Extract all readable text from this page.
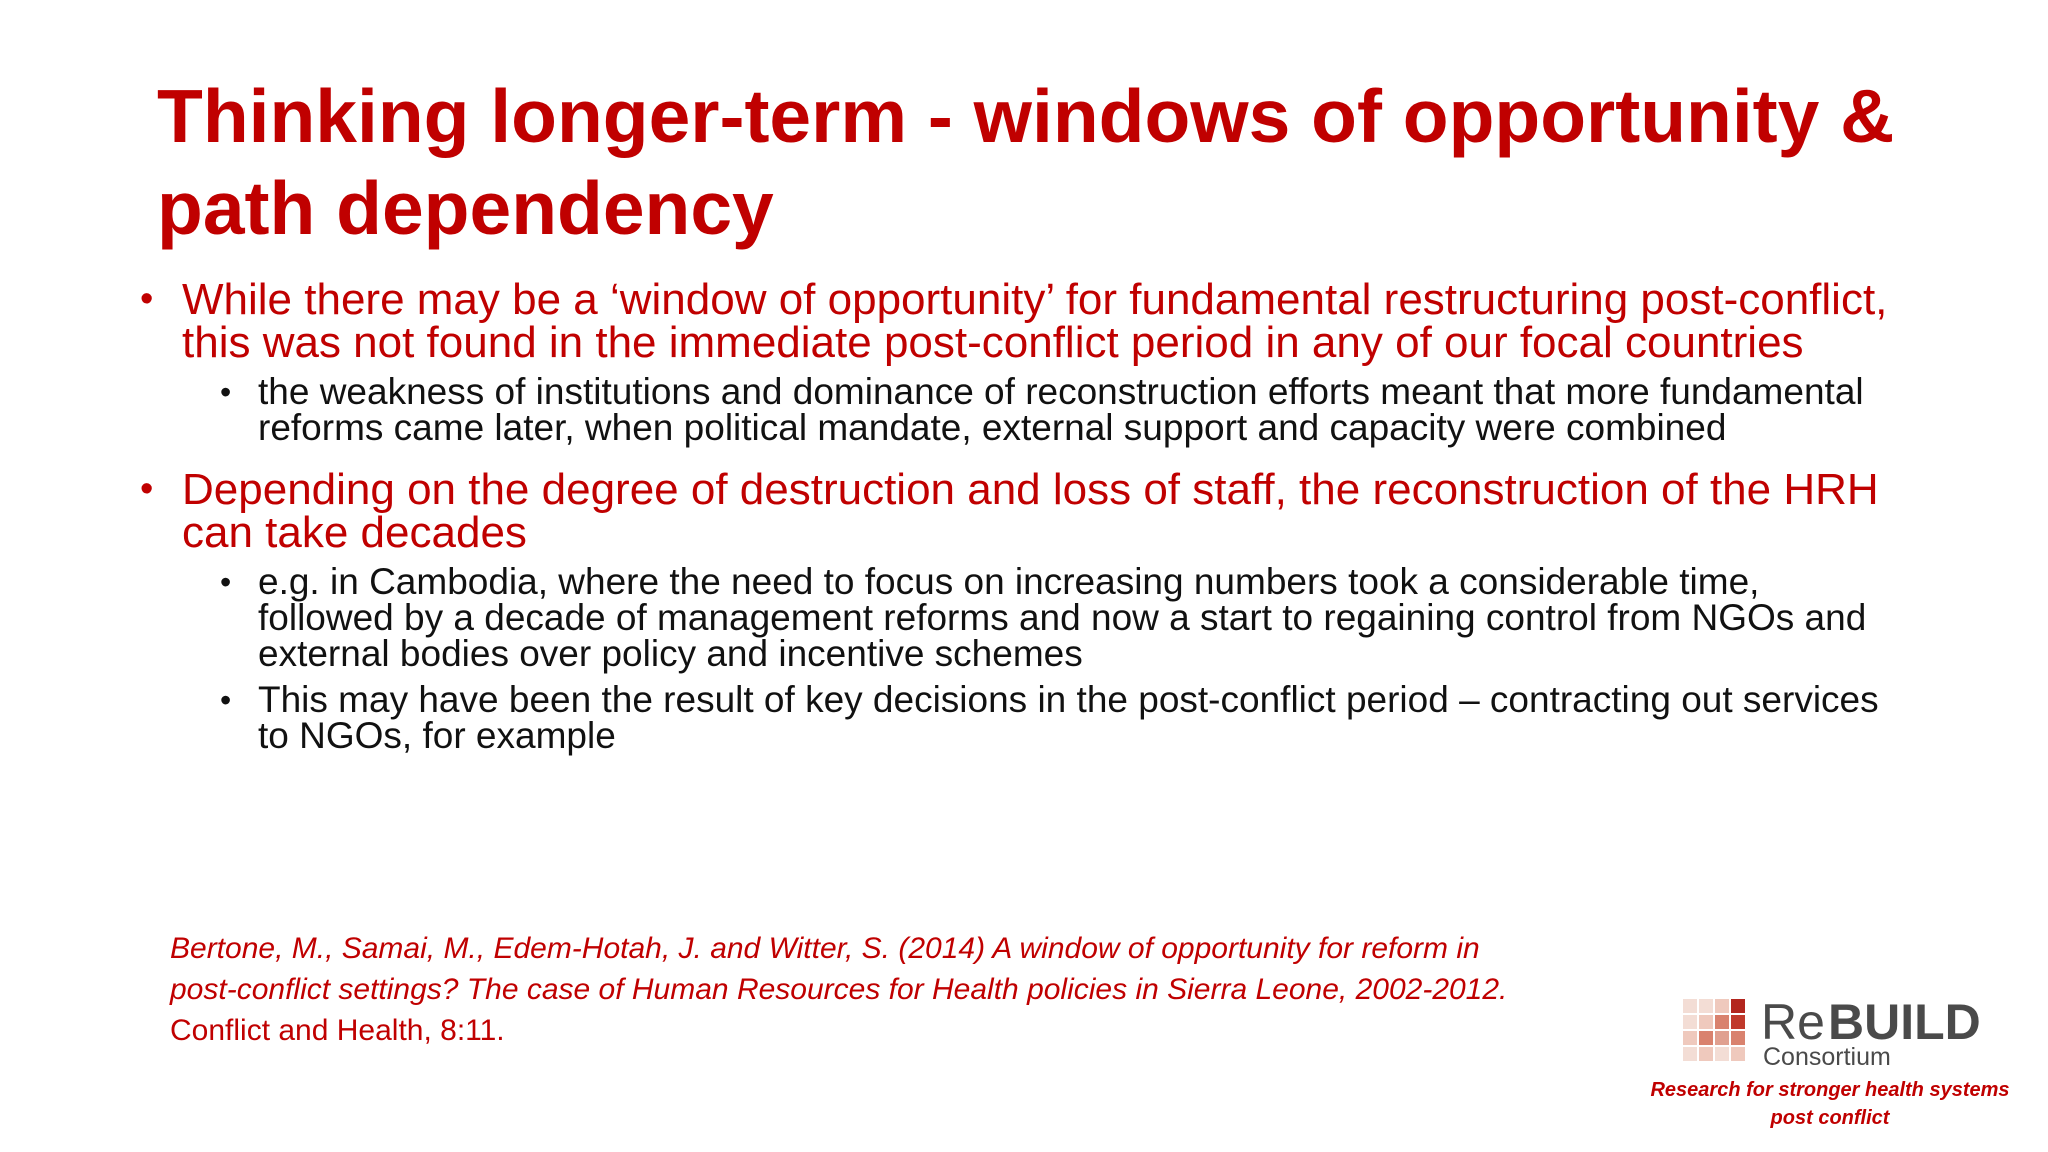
Thinking longer-term - windows of opportunity & path dependency
• While there may be a ‘window of opportunity’ for fundamental restructuring post-conflict, this was not found in the immediate post-conflict period in any of our focal countries
• the weakness of institutions and dominance of reconstruction efforts meant that more fundamental reforms came later, when political mandate, external support and capacity were combined
• Depending on the degree of destruction and loss of staff, the reconstruction of the HRH can take decades
• e.g. in Cambodia, where the need to focus on increasing numbers took a considerable time, followed by a decade of management reforms and now a start to regaining control from NGOs and external bodies over policy and incentive schemes
• This may have been the result of key decisions in the post-conflict period – contracting out services to NGOs, for example
Bertone, M., Samai, M., Edem-Hotah, J. and Witter, S. (2014) A window of opportunity for reform in post-conflict settings? The case of Human Resources for Health policies in Sierra Leone, 2002-2012. Conflict and Health, 8:11.	Re BUILD
Consortium
Research for stronger health systems
post conflict
